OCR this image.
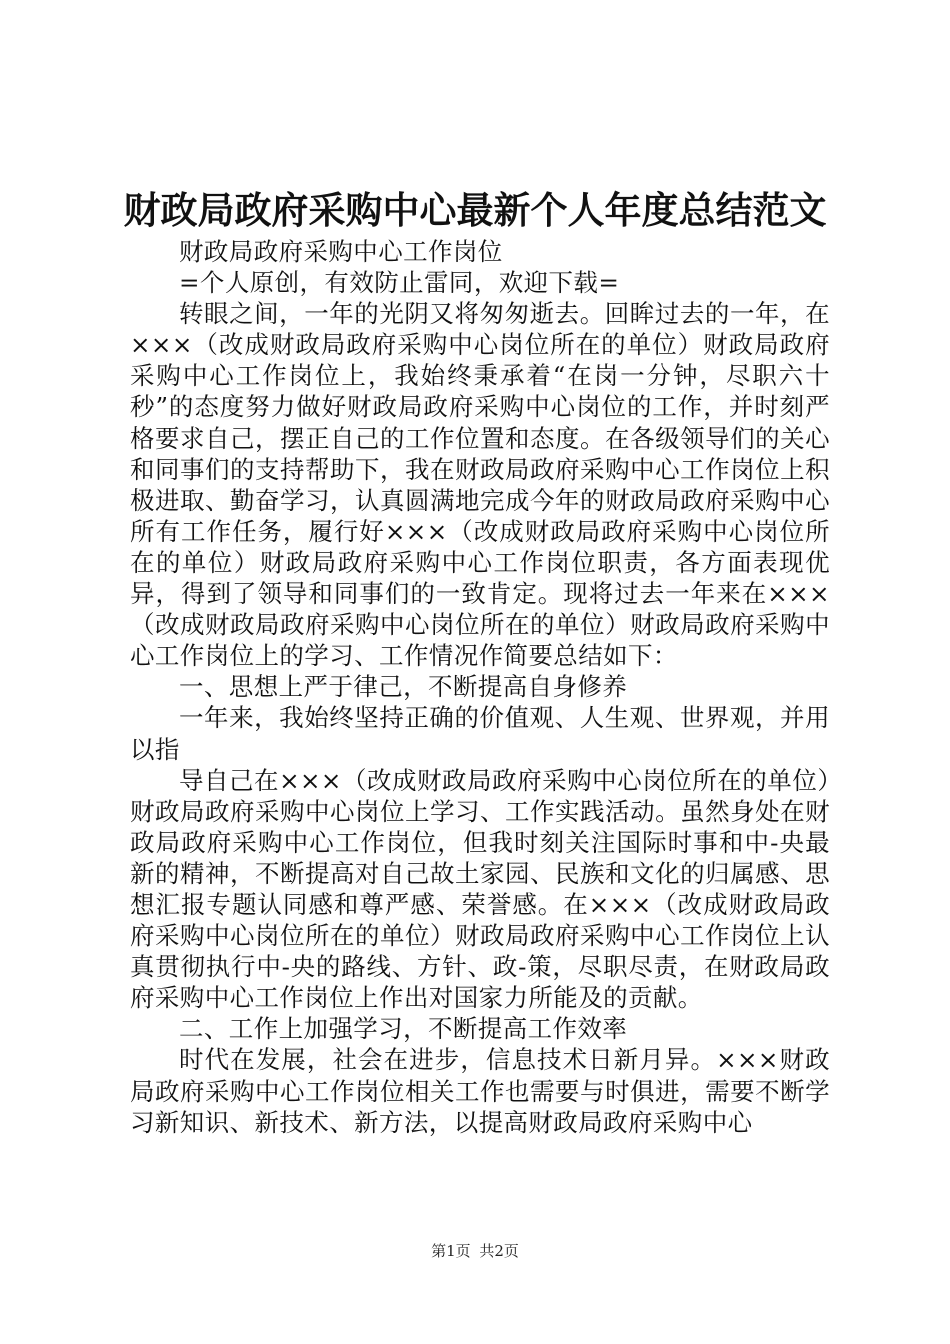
财政局政府采购中心最新个人年度总结范文

财政局政府采购中心工作岗位

=个人原创，有效防止雷同，欢迎下载=

转眼之间，一年的光阴又将匆匆逝去。回眸过去的一年，在×××（改成财政局政府采购中心岗位所在的单位）财政局政府采购中心工作岗位上，我始终秉承着“在岗一分钟，尽职六十秒”的态度努力做好财政局政府采购中心岗位的工作，并时刻严格要求自己，摆正自己的工作位置和态度。在各级领导们的关心和同事们的支持帮助下，我在财政局政府采购中心工作岗位上积极进取、勤奋学习，认真圆满地完成今年的财政局政府采购中心所有工作任务，履行好×××（改成财政局政府采购中心岗位所在的单位）财政局政府采购中心工作岗位职责，各方面表现优异，得到了领导和同事们的一致肯定。现将过去一年来在×××（改成财政局政府采购中心岗位所在的单位）财政局政府采购中心工作岗位上的学习、工作情况作简要总结如下：

一、思想上严于律己，不断提高自身修养

一年来，我始终坚持正确的价值观、人生观、世界观，并用以指

导自己在×××（改成财政局政府采购中心岗位所在的单位）财政局政府采购中心岗位上学习、工作实践活动。虽然身处在财政局政府采购中心工作岗位，但我时刻关注国际时事和中-央最新的精神，不断提高对自己故土家园、民族和文化的归属感、思想汇报专题认同感和尊严感、荣誉感。在×××（改成财政局政府采购中心岗位所在的单位）财政局政府采购中心工作岗位上认真贯彻执行中-央的路线、方针、政-策，尽职尽责，在财政局政府采购中心工作岗位上作出对国家力所能及的贡献。

二、工作上加强学习，不断提高工作效率

时代在发展，社会在进步，信息技术日新月异。×××财政局政府采购中心工作岗位相关工作也需要与时俱进，需要不断学习新知识、新技术、新方法，以提高财政局政府采购中心

第1页 共2页
